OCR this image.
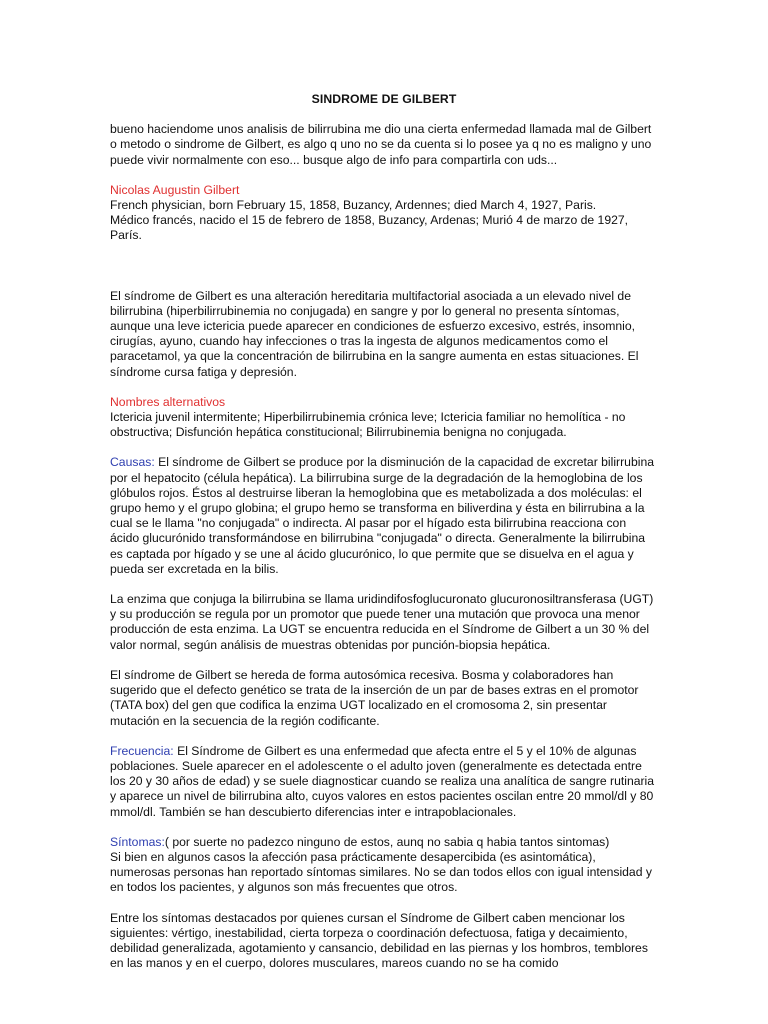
SINDROME DE GILBERT

bueno haciendome unos analisis de bilirrubina me dio una cierta enfermedad llamada mal de Gilbert o metodo o sindrome de Gilbert, es algo q uno no se da cuenta si lo posee ya q no es maligno y uno puede vivir normalmente con eso... busque algo de info para compartirla con uds...

Nicolas Augustin Gilbert
French physician, born February 15, 1858, Buzancy, Ardennes; died March 4, 1927, Paris.
Médico francés, nacido el 15 de febrero de 1858, Buzancy, Ardenas; Murió 4 de marzo de 1927, París.

El síndrome de Gilbert es una alteración hereditaria multifactorial asociada a un elevado nivel de bilirrubina (hiperbilirrubinemia no conjugada) en sangre y por lo general no presenta síntomas, aunque una leve ictericia puede aparecer en condiciones de esfuerzo excesivo, estrés, insomnio, cirugías, ayuno, cuando hay infecciones o tras la ingesta de algunos medicamentos como el paracetamol, ya que la concentración de bilirrubina en la sangre aumenta en estas situaciones. El síndrome cursa fatiga y depresión.

Nombres alternativos
Ictericia juvenil intermitente; Hiperbilirrubinemia crónica leve; Ictericia familiar no hemolítica - no obstructiva; Disfunción hepática constitucional; Bilirrubinemia benigna no conjugada.

Causas: El síndrome de Gilbert se produce por la disminución de la capacidad de excretar bilirrubina por el hepatocito (célula hepática). La bilirrubina surge de la degradación de la hemoglobina de los glóbulos rojos. Éstos al destruirse liberan la hemoglobina que es metabolizada a dos moléculas: el grupo hemo y el grupo globina; el grupo hemo se transforma en biliverdina y ésta en bilirrubina a la cual se le llama "no conjugada" o indirecta. Al pasar por el hígado esta bilirrubina reacciona con ácido glucurónido transformándose en bilirrubina "conjugada" o directa. Generalmente la bilirrubina es captada por hígado y se une al ácido glucurónico, lo que permite que se disuelva en el agua y pueda ser excretada en la bilis.

La enzima que conjuga la bilirrubina se llama uridindifosfoglucuronato glucuronosiltransferasa (UGT) y su producción se regula por un promotor que puede tener una mutación que provoca una menor producción de esta enzima. La UGT se encuentra reducida en el Síndrome de Gilbert a un 30 % del valor normal, según análisis de muestras obtenidas por punción-biopsia hepática.

El síndrome de Gilbert se hereda de forma autosómica recesiva. Bosma y colaboradores han sugerido que el defecto genético se trata de la inserción de un par de bases extras en el promotor (TATA box) del gen que codifica la enzima UGT localizado en el cromosoma 2, sin presentar mutación en la secuencia de la región codificante.

Frecuencia: El Síndrome de Gilbert es una enfermedad que afecta entre el 5 y el 10% de algunas poblaciones. Suele aparecer en el adolescente o el adulto joven (generalmente es detectada entre los 20 y 30 años de edad) y se suele diagnosticar cuando se realiza una analítica de sangre rutinaria y aparece un nivel de bilirrubina alto, cuyos valores en estos pacientes oscilan entre 20 mmol/dl y 80 mmol/dl. También se han descubierto diferencias inter e intrapoblacionales.

Síntomas:( por suerte no padezco ninguno de estos, aunq no sabia q habia tantos sintomas)
Si bien en algunos casos la afección pasa prácticamente desapercibida (es asintomática), numerosas personas han reportado síntomas similares. No se dan todos ellos con igual intensidad y en todos los pacientes, y algunos son más frecuentes que otros.

Entre los síntomas destacados por quienes cursan el Síndrome de Gilbert caben mencionar los siguientes: vértigo, inestabilidad, cierta torpeza o coordinación defectuosa, fatiga y decaimiento, debilidad generalizada, agotamiento y cansancio, debilidad en las piernas y los hombros, temblores en las manos y en el cuerpo, dolores musculares, mareos cuando no se ha comido
